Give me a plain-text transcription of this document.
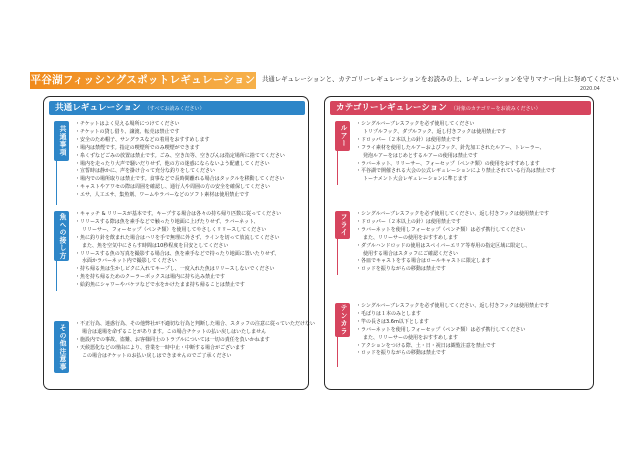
平谷湖フィッシングスポットレギュレーション 共通レギュレーションと、カテゴリーレギュレーションをお読みの上、レギュレーションを守りマナー向上に努めてください
2020.04
共通レギュレーション （すべてお読みください）
共通事項
・チケットはよく見える場所につけてください
・チケットの貸し借り、譲渡、転売は禁止です
・安全のため帽子、サングラスなどの着用をおすすめします
・場内は禁煙です。指定の喫煙所でのみ喫煙ができます
・糸くずなどごみの放置は禁止です。ごみ、空き缶等、空きびんは指定場所に捨ててください
・場内を走ったり大声で騒いだりせず、他の方の迷惑にならないよう配慮してください
・宣誓時は静かに、声を掛け合って充分な釣りをしてください
・場内での場所取りは禁止です。食事などで長時間離れる場合はタックルを移動してください
・キャストやアワセの際は周囲を確認し、通行人や周囲の方の安全を確保してください
・エサ、人工エサ、集魚剤、ワームやラバーなどのソフト素材は使用禁止です
魚への接し方	・キャッチ & リリースが基本です。キープする場合は各々の持ち帰り匹数に従ってください
・リリースする際は魚を素手などで触ったり地面に上げたりせず、ラバーネット、
リリーサー、フォーセップ（ペンチ類）を使用してやさしくリリースしてください
・魚に釣り針を飲まれた場合はハリを手で無理に外さず、ラインを切って放流してください
また、魚を空気中にさらす時間は10秒程度を目安としてください
・リリースする魚の写真を撮影する場合は、魚を素手などで持ったり地面に置いたりせず、
水面かラバーネット内で撮影してください
・持ち帰る魚は生かしビクに入れてキープし、一度入れた魚はリリースしないでください
・魚を持ち帰るためのクーラーボックスは場内に持ち込み禁止です
・給釣魚にシャワーやバケツなどで水をかけたまま持ち帰ることは禁止です
その他注意事項
・不正行為、迷惑行為、その他弊社が不適切な行為と判断した場合、スタッフの注意に従っていただけない
場合は退場を命ずることがあります。この場合チケットの払い戻しはいたしません
・施設内での事故、盗難、お客様同士のトラブルについては一切の責任を負いかねます
・天候悪化などの理由により、営業を一時中止・中断する場合がございます
この場合はチケットのお払い戻しはできませんのでご了承ください
カテゴリーレギュレーション （対象のカテゴリーをお読みください）
ルアー
・シングルバーブレスフックを必ず使用してください
トリプルフック、ダブルフック、返し付きフックは使用禁止です
・ドロッパー（２本以上の針）は使用禁止です
・フライ素材を使用したルアーおよびフック、針先加工されたルアー、トレーラー、
発泡ルアーをはじめとするルアーの使用は禁止です
・ラバーネット、リリーサー、フォーセップ（ペンチ類）の使用をおすすめします
・平谷湖で開催される大会の公式レギュレーションにより禁止されている行為は禁止です
トーナメント大会レギュレーションに準じます
フライ	・シングルバーブレスフックを必ず使用してください、返し付きフックは使用禁止です
・ドロッパー（２本以上の針）は使用禁止です
・ラバーネットを使用しフォーセップ（ペンチ類）は必ず携行してください
また、リリーサーの使用をおすすめします
・ダブルハンドロッドの使用はスペイバーエリア等専用の指定区域に限定し、
使用する場合はスタッフにご確認ください
・各皿でキャストをする場合はロールキャストに限定します
・ロッドを振りながらの移動は禁止です
テンカラ	・シングルバーブレスフックを必ず使用してください、返し付きフックは使用禁止です
・毛ばりは１本のみとします
・竿の長さは3.6m以下とします
・ラバーネットを使用しフォーセップ（ペンチ類）は必ず携行してください
また、リリーサーの使用をおすすめします
・アクションをつける際、土・日・祝日は観覧注意を禁止です
・ロッドを振りながらの移動は禁止です
